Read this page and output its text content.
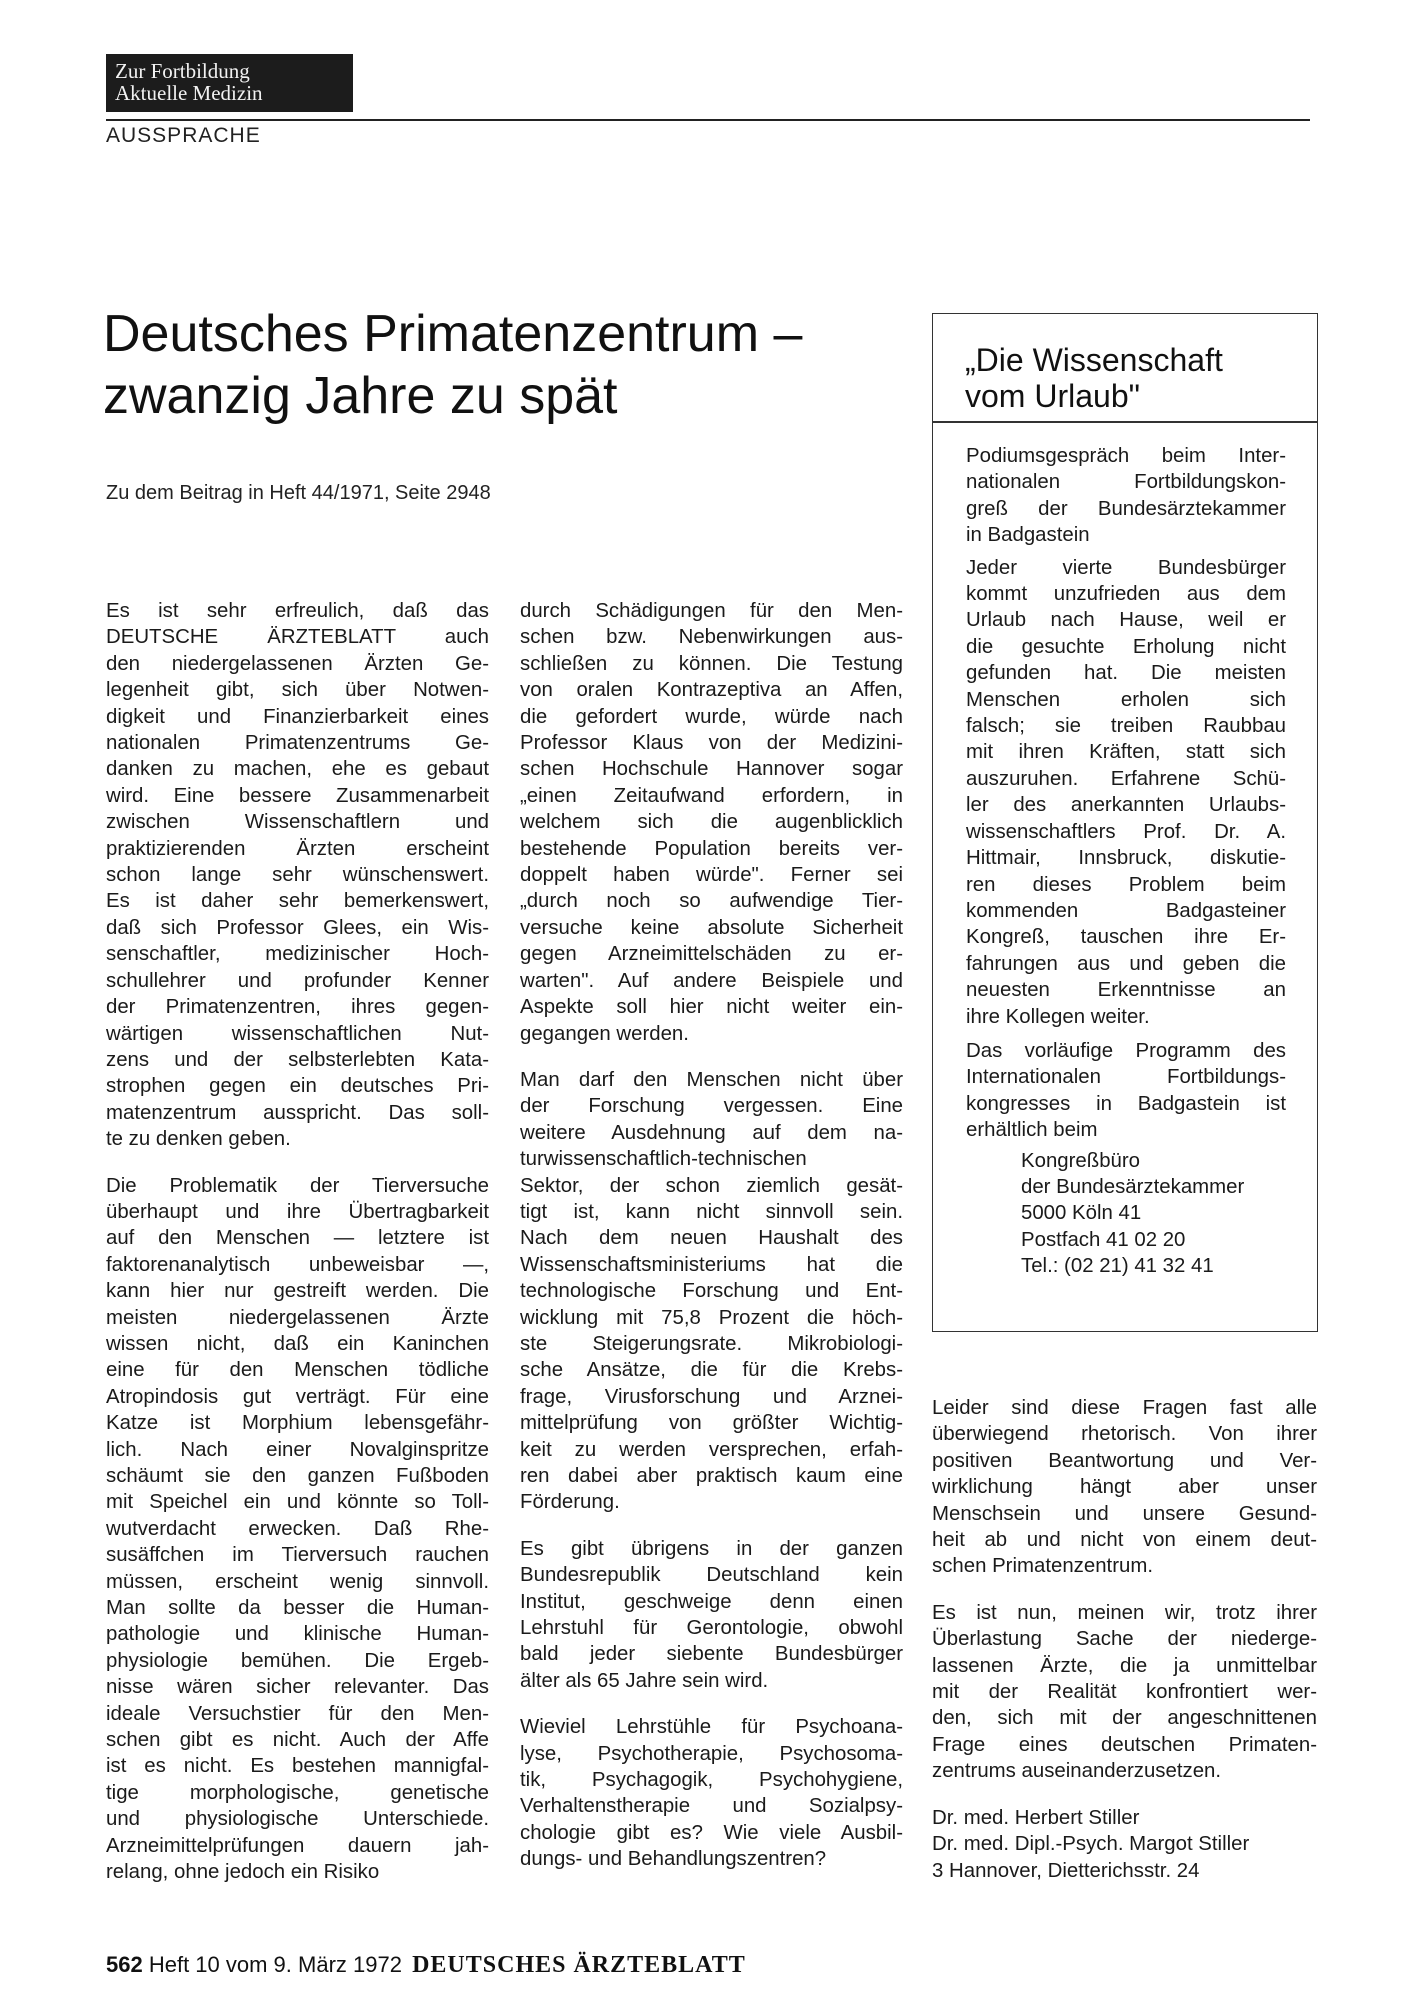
Zur Fortbildung
Aktuelle Medizin
AUSSPRACHE
Deutsches Primatenzentrum –
zwanzig Jahre zu spät
Zu dem Beitrag in Heft 44/1971, Seite 2948

Es ist sehr erfreulich, daß das
DEUTSCHE ÄRZTEBLATT auch
den niedergelassenen Ärzten Ge-
legenheit gibt, sich über Notwen-
digkeit und Finanzierbarkeit eines
nationalen Primatenzentrums Ge-
danken zu machen, ehe es gebaut
wird. Eine bessere Zusammenarbeit
zwischen Wissenschaftlern und
praktizierenden Ärzten erscheint
schon lange sehr wünschenswert.
Es ist daher sehr bemerkenswert,
daß sich Professor Glees, ein Wis-
senschaftler, medizinischer Hoch-
schullehrer und profunder Kenner
der Primatenzentren, ihres gegen-
wärtigen wissenschaftlichen Nut-
zens und der selbsterlebten Kata-
strophen gegen ein deutsches Pri-
matenzentrum ausspricht. Das soll-
te zu denken geben.

Die Problematik der Tierversuche
überhaupt und ihre Übertragbarkeit
auf den Menschen — letztere ist
faktorenanalytisch unbeweisbar —,
kann hier nur gestreift werden. Die
meisten niedergelassenen Ärzte
wissen nicht, daß ein Kaninchen
eine für den Menschen tödliche
Atropindosis gut verträgt. Für eine
Katze ist Morphium lebensgefähr-
lich. Nach einer Novalginspritze
schäumt sie den ganzen Fußboden
mit Speichel ein und könnte so Toll-
wutverdacht erwecken. Daß Rhe-
susäffchen im Tierversuch rauchen
müssen, erscheint wenig sinnvoll.
Man sollte da besser die Human-
pathologie und klinische Human-
physiologie bemühen. Die Ergeb-
nisse wären sicher relevanter. Das
ideale Versuchstier für den Men-
schen gibt es nicht. Auch der Affe
ist es nicht. Es bestehen mannigfal-
tige morphologische, genetische
und physiologische Unterschiede.
Arzneimittelprüfungen dauern jah-
relang, ohne jedoch ein Risiko

durch Schädigungen für den Men-
schen bzw. Nebenwirkungen aus-
schließen zu können. Die Testung
von oralen Kontrazeptiva an Affen,
die gefordert wurde, würde nach
Professor Klaus von der Medizini-
schen Hochschule Hannover sogar
„einen Zeitaufwand erfordern, in
welchem sich die augenblicklich
bestehende Population bereits ver-
doppelt haben würde". Ferner sei
„durch noch so aufwendige Tier-
versuche keine absolute Sicherheit
gegen Arzneimittelschäden zu er-
warten". Auf andere Beispiele und
Aspekte soll hier nicht weiter ein-
gegangen werden.

Man darf den Menschen nicht über
der Forschung vergessen. Eine
weitere Ausdehnung auf dem na-
turwissenschaftlich-technischen
Sektor, der schon ziemlich gesät-
tigt ist, kann nicht sinnvoll sein.
Nach dem neuen Haushalt des
Wissenschaftsministeriums hat die
technologische Forschung und Ent-
wicklung mit 75,8 Prozent die höch-
ste Steigerungsrate. Mikrobiologi-
sche Ansätze, die für die Krebs-
frage, Virusforschung und Arznei-
mittelprüfung von größter Wichtig-
keit zu werden versprechen, erfah-
ren dabei aber praktisch kaum eine
Förderung.

Es gibt übrigens in der ganzen
Bundesrepublik Deutschland kein
Institut, geschweige denn einen
Lehrstuhl für Gerontologie, obwohl
bald jeder siebente Bundesbürger
älter als 65 Jahre sein wird.

Wieviel Lehrstühle für Psychoana-
lyse, Psychotherapie, Psychosoma-
tik, Psychagogik, Psychohygiene,
Verhaltenstherapie und Sozialpsy-
chologie gibt es? Wie viele Ausbil-
dungs- und Behandlungszentren?

Leider sind diese Fragen fast alle
überwiegend rhetorisch. Von ihrer
positiven Beantwortung und Ver-
wirklichung hängt aber unser
Menschsein und unsere Gesund-
heit ab und nicht von einem deut-
schen Primatenzentrum.

Es ist nun, meinen wir, trotz ihrer
Überlastung Sache der niederge-
lassenen Ärzte, die ja unmittelbar
mit der Realität konfrontiert wer-
den, sich mit der angeschnittenen
Frage eines deutschen Primaten-
zentrums auseinanderzusetzen.

Dr. med. Herbert Stiller

Dr. med. Dipl.-Psych. Margot Stiller

3 Hannover, Dietterichsstr. 24

„Die Wissenschaft
vom Urlaub"

Podiumsgespräch beim Inter-
nationalen Fortbildungskon-
greß der Bundesärztekammer
in Badgastein

Jeder vierte Bundesbürger
kommt unzufrieden aus dem
Urlaub nach Hause, weil er
die gesuchte Erholung nicht
gefunden hat. Die meisten
Menschen erholen sich
falsch; sie treiben Raubbau
mit ihren Kräften, statt sich
auszuruhen. Erfahrene Schü-
ler des anerkannten Urlaubs-
wissenschaftlers Prof. Dr. A.
Hittmair, Innsbruck, diskutie-
ren dieses Problem beim
kommenden Badgasteiner
Kongreß, tauschen ihre Er-
fahrungen aus und geben die
neuesten Erkenntnisse an
ihre Kollegen weiter.

Das vorläufige Programm des
Internationalen Fortbildungs-
kongresses in Badgastein ist
erhältlich beim

Kongreßbüro
der Bundesärztekammer
5000 Köln 41
Postfach 41 02 20
Tel.: (02 21) 41 32 41

562 Heft 10 vom 9. März 1972 DEUTSCHES ÄRZTEBLATT
